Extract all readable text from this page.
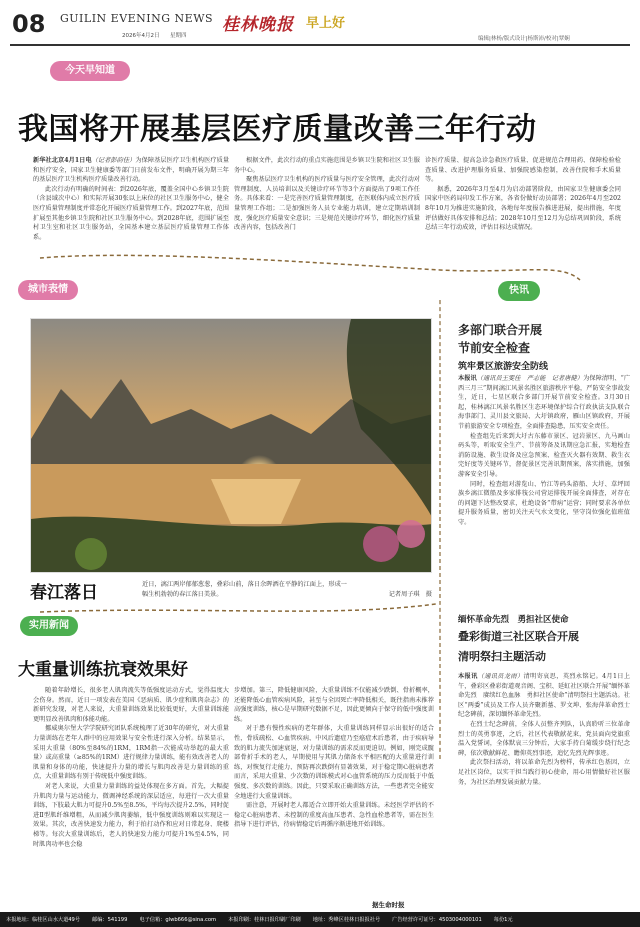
08 GUILIN EVENING NEWS
2026年4月2日 星期四
桂林晚报 早上好
编辑|林杨/版式设计|杨斯沛/校对|覃娴
今天早知道
我国将开展基层医疗质量改善三年行动
新华社北京4月1日电（记者彭韵佳）为保障基层医疗卫生机构医疗质量和医疗安全，国家卫生健康委等部门日前发布文件，明确开展为期三年的基层医疗卫生机构医疗质量改善行动。
此次行动有明确的时间表：到2026年底，覆盖全国中心乡镇卫生院（含县域次中心）和实际开展30张以上床位的社区卫生服务中心，健全医疗质量管理制度并常态化开展医疗质量管理工作。到2027年底，范围扩展至其他乡镇卫生院和社区卫生服务中心。到2028年底，范围扩展至村卫生室和社区卫生服务站，全国基本建立基层医疗质量管理工作体系。
根据文件，此次行动的重点实施范围是乡镇卫生院和社区卫生服务中心。
聚焦基层医疗卫生机构的医疗质量与医疗安全管理，此次行动对管理制度、人员培训以及关键诊疗环节等3个方面提出了9项工作任务。具体来看：一是完善医疗质量管理制度，在医联体内成立医疗质量管理工作组；二是加强医务人员专业能力培训，建立定期培训制度，强化医疗质量安全意识；三是规范关键诊疗环节，细化医疗质量改善内容，包括改善门
诊医疗质量、提高急诊急救医疗质量、促进规范合理用药、保障检验检查质量、改进护理服务质量、加强院感染控制，改善住院和手术质量等。
据悉，2026年3月至4月为启动部署阶段，由国家卫生健康委会同国家中医药局印发工作方案，各省份做好动员部署；2026年4月至2028年10月为推进实施阶段，各地每年度报告推进进展，提出措施，年度评估做好具体安排和总结；2028年10月至12月为总结巩固阶段，系统总结三年行动成效，评估目标达成情况。
城市表情
春江落日	近日，漓江两岸郁郁葱葱，叠彩山前，落日余晖洒在平静的江面上，形成一幅生机勃勃的春江落日美景。	记者周子琪　摄
快讯
多部门联合开展
节前安全检查
筑牢景区旅游安全防线
本报讯（通讯员王雯佳　严志能　记者唐健）为保障清明、“广西三月三”期间漓江风景名胜区旅游秩序平稳，严防安全事故发生，近日，七星区联合多部门开展节前安全检查。3月30日起，桂林漓江风景名胜区生态环境保护综合行政执法支队联合海事部门、灵川县文旅局、大圩镇政府，雁山区镇政府，开展节前旅游安全专项检查，全面排查隐患，压实安全责任。
检查组先后来到大圩古东藤市景区、冠岩景区、九马画山码头等，听取安全生产、节前筹备及讯期应急汇报，实地检查消防设施、救生设备及应急预案、检查灭火器有效期、救生衣完好度等关键环节，督促景区完善讯期预案，落实措施，加强游客安全引导。
同时，检查组对游览山、竹江等码头游船、大圩、草坪回族乡漓江微船及多家排筏公司营运排筏开展全面排查，对存在的问题下达整改要求，杜绝设备“带病”运营；同时要求各单位提升服务质量，密切关注天气水文变化，坚守岗位强化值班值守。
缅怀革命先烈　勇担社区使命
叠彩街道三社区联合开展
清明祭扫主题活动
本报讯（通讯员龙雨）清明寄哀思，英烈永铭记。4月1日上午，叠彩区叠彩街道观音阁、宝积、延虹社区联合开展“缅怀革命先烈　赓续红色血脉　勇担社区使命”清明祭扫主题活动。社区“两委”成员及工作人员齐聚新墓、罗文坤、张海萍革命烈士纪念碑前，深切缅怀革命先烈。
在烈士纪念碑前，全体人员整齐列队，认真聆听三位革命烈士的英勇事迹，之后，社区代表敬献花束，党员面向党旗重温入党誓词，全体默哀三分钟后，大家手持白菊缓步绕行纪念碑，依次敬献鲜花、瞻仰英烈事迹，追忆先烈光辉事迹。
此次祭扫活动，将以革命先烈为榜样，传承红色基因，立足社区岗位，以实干担当践行初心使命，用心用情做好社区服务，为社区治理发展贡献力量。
实用新闻
大重量训练抗衰效果好
随着年龄增长，很多老人肌肉流失等低强度运动方式，觉得温度大会伤身。然而，近日一项发表在美国《恶病质、肌少症和肌肉杂志》的新研究发现，对老人来说，大重量训练效果比较低更好，大重量训练能更明显改善肌肉和体能功能。
挪威奥尔堡大学学院研究团队系统梳理了近30年的研究，对大重量力量训练在老年人群中的应用效果与安全性进行深入分析。结果显示，采用大重量（80%至84%的1RM，1RM指一次能成功举起的最大重量）或高重量（≥85%的1RM）进行规律力量训练，能有效改善老人的肌量和身体的功能，快速提升力量的增长与肌肉改善是力量训练的重点，大重量训练有别于传统低中强度训练。
对老人来说，大重量力量训练的益处体现在多方面。首先，大幅提升肌肉力量与运动能力，微调神经系统的深层适应，每进行一次大重量训练，下肢最大肌力可提升0.5%至8.5%，平均每次提升2.5%，同时促进Ⅱ型肌纤维增粗，从而减少肌肉萎缩，低中强度训练则难以实现这一效果。其次，改善快速发力能力，利于拍打动作和应对日常起身、爬楼梯等。每次大重量训练后，老人的快速发力能力可提升1%至4.5%，同时肌肉功率也会稳
步增加。第三，降低健康风险，大重量训练不仅能减少跌倒、骨折概率，还能降低心血管疾病风险，甚至与全因死亡率降低相关，既往指南未推荐高强度训练，核心是早期研究数据不足，因此更倾向于保守的低中强度训练。
对于患有慢性疾病的老年群体，大重量训练同样显示出很好的适合性，骨质疏松、心血管疾病、中风后遗症乃至癌症术后患者，由于疾病导致的肌力流失加速衰退，对力量训练的需求反而更迫切。例如，刚完成髋部骨折手术的老人，早期使用与其肌力储备水平相匹配的大重量进行训练，对恢复行走能力、预防再次跌倒有显著效果，对于稳定期心脏病患者而言，采用大重量、少次数的训练模式对心血管系统的压力反而低于中低强度、多次数的训练。因此，只要采取正确训练方法，一些患者完全能安全地进行大重量训练。
需注意，开展时老人都适合立即开始大重量训练。未经医学评估的不稳定心脏病患者、未控制的重度高血压患者、急性血栓患者等，需在医生指导下进行评估，待病情稳定后再循序渐进地开始训练。
据生命时报
本报地址：临桂区山水大道49号 邮编：541199 电子信箱：glwb666@sina.com 本报印刷：桂林日报印刷厂印刷 地址：秀峰区桂林日报报社号 广告经营许可证号：4503004000101 每份1元
